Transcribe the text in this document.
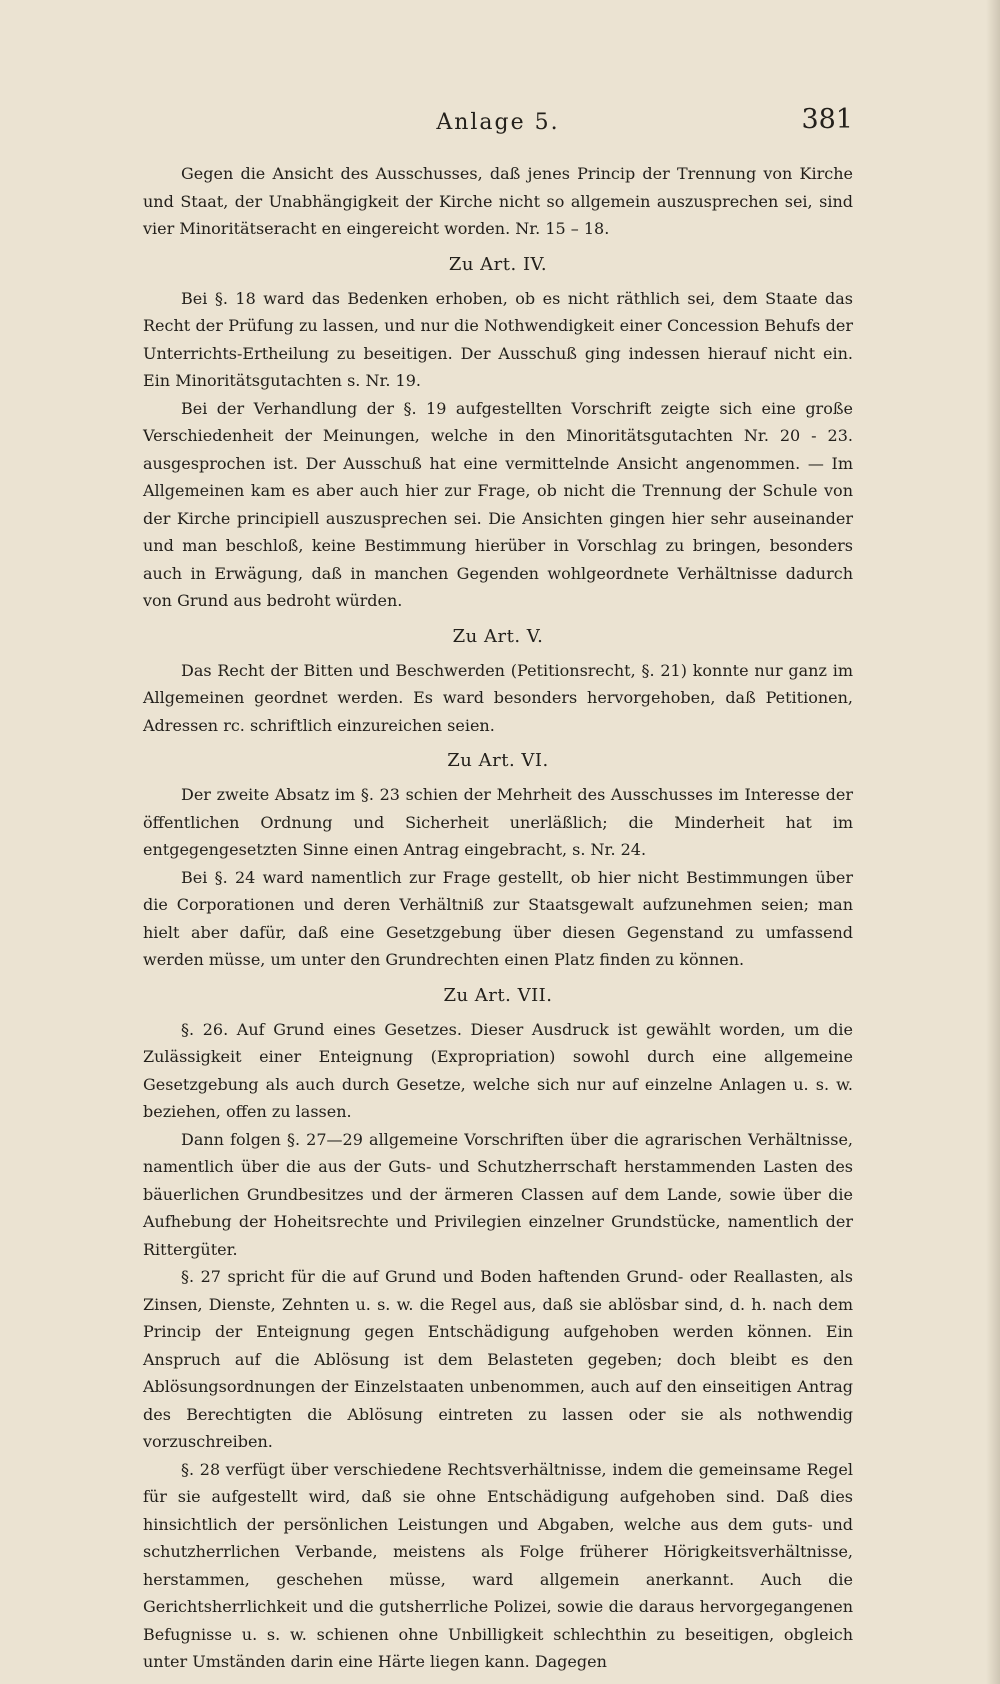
Anlage 5.	381

Gegen die Ansicht des Ausschusses, daß jenes Princip der Trennung von Kirche und Staat, der Unabhängigkeit der Kirche nicht so allgemein auszusprechen sei, sind vier Minoritätseracht en eingereicht worden. Nr. 15 – 18.

Zu Art. IV.

Bei §. 18 ward das Bedenken erhoben, ob es nicht räthlich sei, dem Staate das Recht der Prüfung zu lassen, und nur die Nothwendigkeit einer Concession Behufs der Unterrichts-Ertheilung zu beseitigen. Der Ausschuß ging indessen hierauf nicht ein. Ein Minoritätsgutachten s. Nr. 19.

Bei der Verhandlung der §. 19 aufgestellten Vorschrift zeigte sich eine große Verschiedenheit der Meinungen, welche in den Minoritätsgutachten Nr. 20 - 23. ausgesprochen ist. Der Ausschuß hat eine vermittelnde Ansicht angenommen. — Im Allgemeinen kam es aber auch hier zur Frage, ob nicht die Trennung der Schule von der Kirche principiell auszusprechen sei. Die Ansichten gingen hier sehr auseinander und man beschloß, keine Bestimmung hierüber in Vorschlag zu bringen, besonders auch in Erwägung, daß in manchen Gegenden wohlgeordnete Verhältnisse dadurch von Grund aus bedroht würden.

Zu Art. V.

Das Recht der Bitten und Beschwerden (Petitionsrecht, §. 21) konnte nur ganz im Allgemeinen geordnet werden. Es ward besonders hervorgehoben, daß Petitionen, Adressen rc. schriftlich einzureichen seien.

Zu Art. VI.

Der zweite Absatz im §. 23 schien der Mehrheit des Ausschusses im Interesse der öffentlichen Ordnung und Sicherheit unerläßlich; die Minderheit hat im entgegengesetzten Sinne einen Antrag eingebracht, s. Nr. 24.

Bei §. 24 ward namentlich zur Frage gestellt, ob hier nicht Bestimmungen über die Corporationen und deren Verhältniß zur Staatsgewalt aufzunehmen seien; man hielt aber dafür, daß eine Gesetzgebung über diesen Gegenstand zu umfassend werden müsse, um unter den Grundrechten einen Platz finden zu können.

Zu Art. VII.

§. 26. Auf Grund eines Gesetzes. Dieser Ausdruck ist gewählt worden, um die Zulässigkeit einer Enteignung (Expropriation) sowohl durch eine allgemeine Gesetzgebung als auch durch Gesetze, welche sich nur auf einzelne Anlagen u. s. w. beziehen, offen zu lassen.

Dann folgen §. 27—29 allgemeine Vorschriften über die agrarischen Verhältnisse, namentlich über die aus der Guts- und Schutzherrschaft herstammenden Lasten des bäuerlichen Grundbesitzes und der ärmeren Classen auf dem Lande, sowie über die Aufhebung der Hoheitsrechte und Privilegien einzelner Grundstücke, namentlich der Rittergüter.

§. 27 spricht für die auf Grund und Boden haftenden Grund- oder Reallasten, als Zinsen, Dienste, Zehnten u. s. w. die Regel aus, daß sie ablösbar sind, d. h. nach dem Princip der Enteignung gegen Entschädigung aufgehoben werden können. Ein Anspruch auf die Ablösung ist dem Belasteten gegeben; doch bleibt es den Ablösungsordnungen der Einzelstaaten unbenommen, auch auf den einseitigen Antrag des Berechtigten die Ablösung eintreten zu lassen oder sie als nothwendig vorzuschreiben.

§. 28 verfügt über verschiedene Rechtsverhältnisse, indem die gemeinsame Regel für sie aufgestellt wird, daß sie ohne Entschädigung aufgehoben sind. Daß dies hinsichtlich der persönlichen Leistungen und Abgaben, welche aus dem guts- und schutzherrlichen Verbande, meistens als Folge früherer Hörigkeitsverhältnisse, herstammen, geschehen müsse, ward allgemein anerkannt. Auch die Gerichtsherrlichkeit und die gutsherrliche Polizei, sowie die daraus hervorgegangenen Befugnisse u. s. w. schienen ohne Unbilligkeit schlechthin zu beseitigen, obgleich unter Umständen darin eine Härte liegen kann. Dagegen
